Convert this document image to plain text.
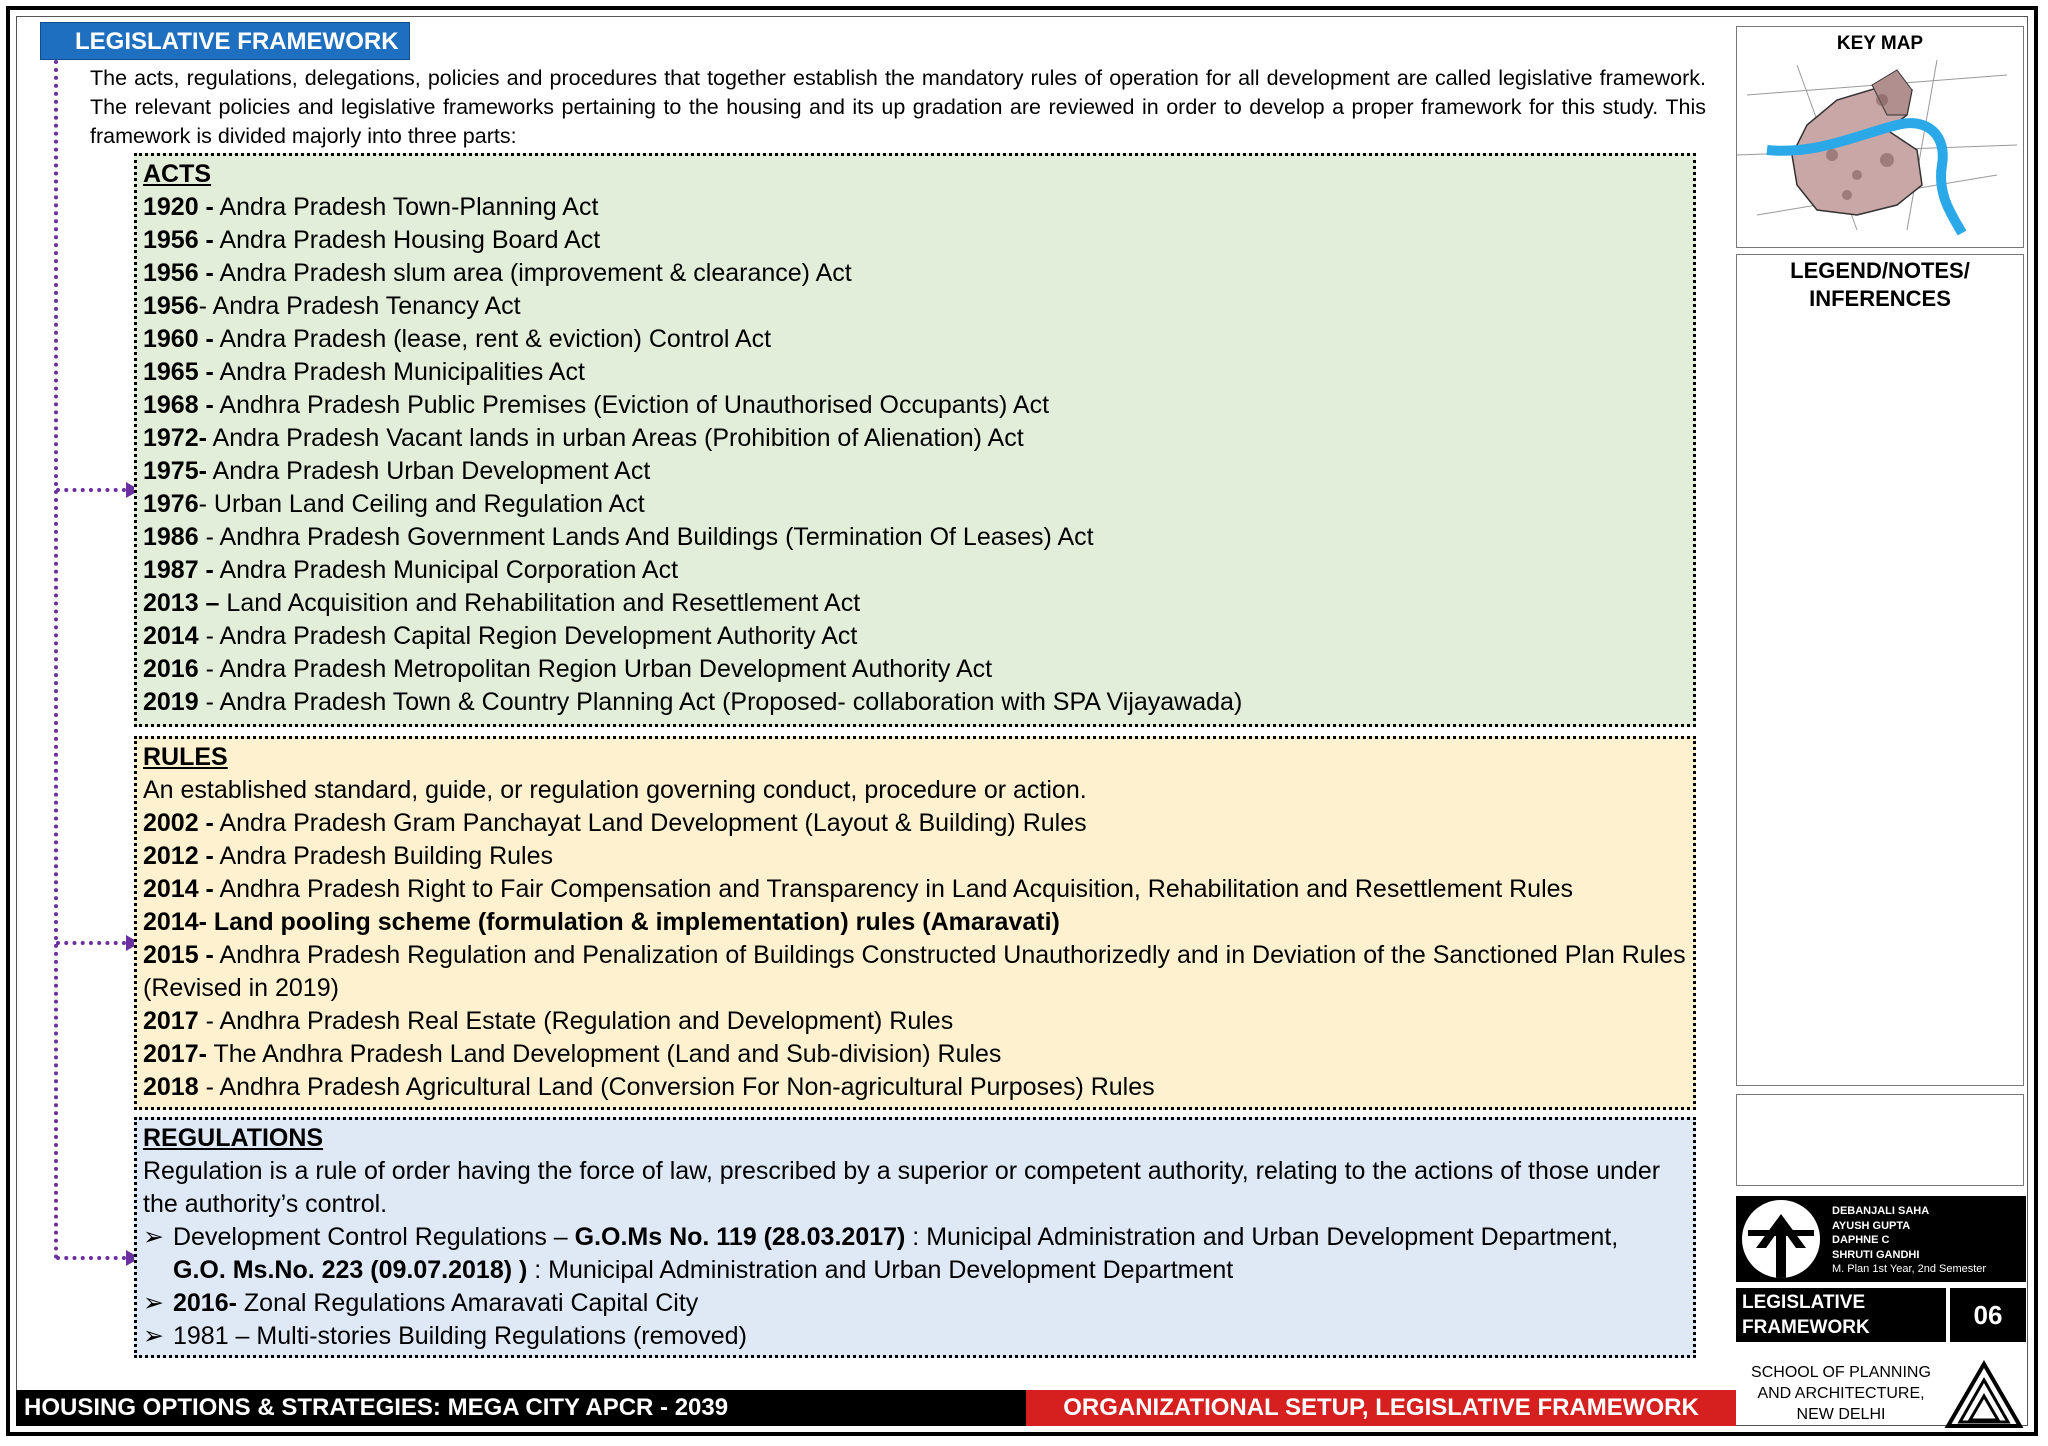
LEGISLATIVE FRAMEWORK
The acts, regulations, delegations, policies and procedures that together establish the mandatory rules of operation for all development are called legislative framework. The relevant policies and legislative frameworks pertaining to the housing and its up gradation are reviewed in order to develop a proper framework for this study. This framework is divided majorly into three parts:
ACTS
1920 - Andra Pradesh Town-Planning Act
1956 - Andra Pradesh Housing Board Act
1956 - Andra Pradesh slum area (improvement & clearance) Act
1956- Andra Pradesh Tenancy Act
1960 - Andra Pradesh (lease, rent & eviction) Control Act
1965 - Andra Pradesh Municipalities Act
1968 - Andhra Pradesh Public Premises (Eviction of Unauthorised Occupants) Act
1972- Andra Pradesh Vacant lands in urban Areas (Prohibition of Alienation) Act
1975- Andra Pradesh Urban Development Act
1976- Urban Land Ceiling and Regulation Act
1986 - Andhra Pradesh Government Lands And Buildings (Termination Of Leases) Act
1987 - Andra Pradesh Municipal Corporation Act
2013 – Land Acquisition and Rehabilitation and Resettlement Act
2014 - Andra Pradesh Capital Region Development Authority Act
2016 - Andra Pradesh Metropolitan Region Urban Development Authority Act
2019 - Andra Pradesh Town & Country Planning Act (Proposed- collaboration with SPA Vijayawada)
RULES
An established standard, guide, or regulation governing conduct, procedure or action.
2002 - Andra Pradesh Gram Panchayat Land Development (Layout & Building) Rules
2012 - Andra Pradesh Building Rules
2014 - Andhra Pradesh Right to Fair Compensation and Transparency in Land Acquisition, Rehabilitation and Resettlement Rules
2014- Land pooling scheme (formulation & implementation) rules (Amaravati)
2015 - Andhra Pradesh Regulation and Penalization of Buildings Constructed Unauthorizedly and in Deviation of the Sanctioned Plan Rules (Revised in 2019)
2017 - Andhra Pradesh Real Estate (Regulation and Development) Rules
2017- The Andhra Pradesh Land Development (Land and Sub-division) Rules
2018 - Andhra Pradesh Agricultural Land (Conversion For Non-agricultural Purposes) Rules
REGULATIONS
Regulation is a rule of order having the force of law, prescribed by a superior or competent authority, relating to the actions of those under the authority’s control.
➢ Development Control Regulations – G.O.Ms No. 119 (28.03.2017) : Municipal Administration and Urban Development Department,
G.O. Ms.No. 223 (09.07.2018) ) : Municipal Administration and Urban Development Department
➢ 2016- Zonal Regulations Amaravati Capital City
➢ 1981 – Multi-stories Building Regulations (removed)
KEY MAP
LEGEND/NOTES/
INFERENCES
DEBANJALI SAHA
AYUSH GUPTA
DAPHNE C
SHRUTI GANDHI
M. Plan 1st Year, 2nd Semester
LEGISLATIVE
FRAMEWORK	06
SCHOOL OF PLANNING
AND ARCHITECTURE,
NEW DELHI
HOUSING OPTIONS & STRATEGIES: MEGA CITY APCR - 2039	ORGANIZATIONAL SETUP, LEGISLATIVE FRAMEWORK
